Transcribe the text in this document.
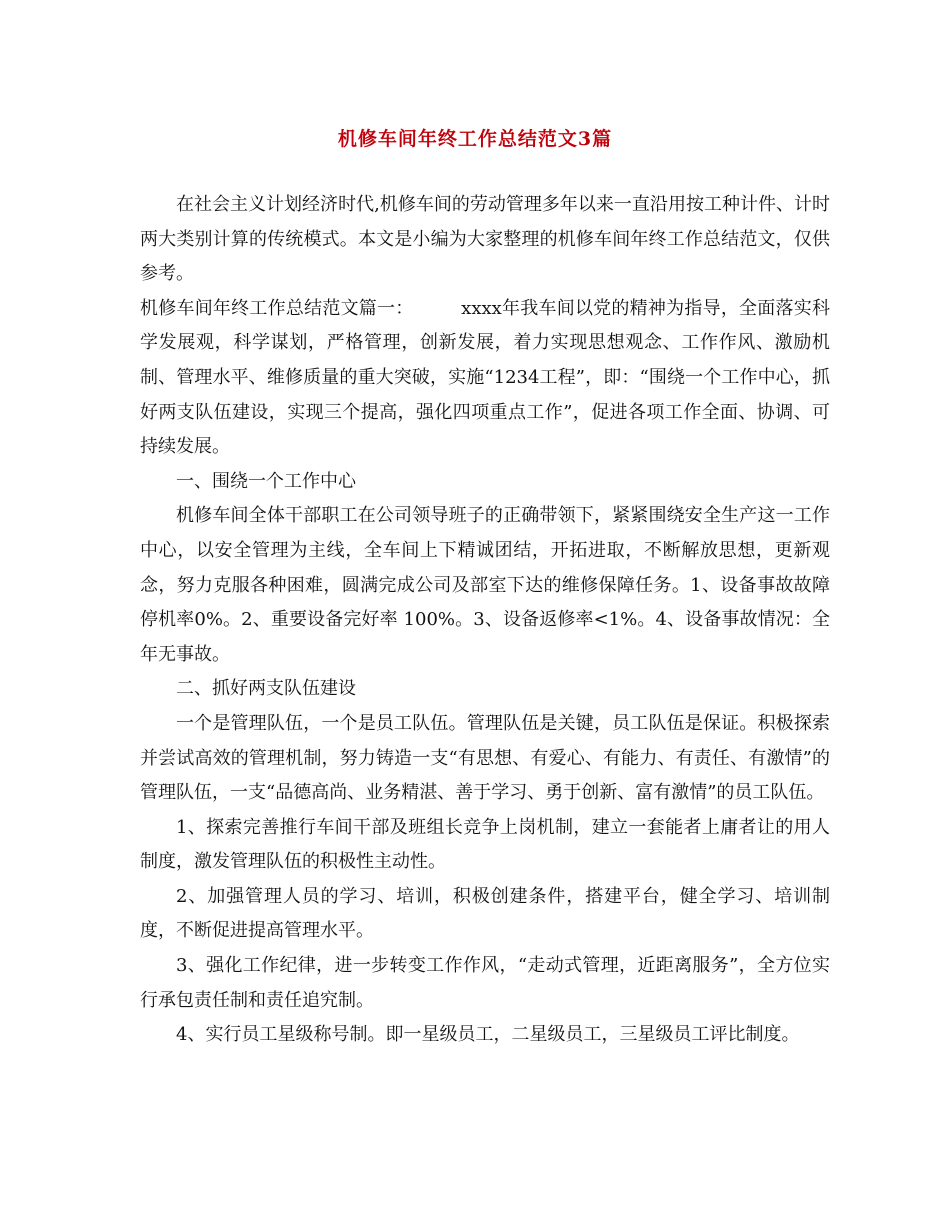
机修车间年终工作总结范文3篇

在社会主义计划经济时代,机修车间的劳动管理多年以来一直沿用按工种计件、计时两大类别计算的传统模式。本文是小编为大家整理的机修车间年终工作总结范文，仅供参考。

机修车间年终工作总结范文篇一：        xxxx年我车间以党的精神为指导，全面落实科学发展观，科学谋划，严格管理，创新发展，着力实现思想观念、工作作风、激励机制、管理水平、维修质量的重大突破，实施“1234工程”，即：“围绕一个工作中心，抓好两支队伍建设，实现三个提高，强化四项重点工作”，促进各项工作全面、协调、可持续发展。

一、围绕一个工作中心

机修车间全体干部职工在公司领导班子的正确带领下，紧紧围绕安全生产这一工作中心，以安全管理为主线，全车间上下精诚团结，开拓进取，不断解放思想，更新观念，努力克服各种困难，圆满完成公司及部室下达的维修保障任务。1、设备事故故障停机率0%。2、重要设备完好率 100%。3、设备返修率<1%。4、设备事故情况：全年无事故。

二、抓好两支队伍建设

一个是管理队伍，一个是员工队伍。管理队伍是关键，员工队伍是保证。积极探索并尝试高效的管理机制，努力铸造一支“有思想、有爱心、有能力、有责任、有激情”的管理队伍，一支“品德高尚、业务精湛、善于学习、勇于创新、富有激情”的员工队伍。

1、探索完善推行车间干部及班组长竞争上岗机制，建立一套能者上庸者让的用人制度，激发管理队伍的积极性主动性。

2、加强管理人员的学习、培训，积极创建条件，搭建平台，健全学习、培训制度，不断促进提高管理水平。

3、强化工作纪律，进一步转变工作作风，“走动式管理，近距离服务”，全方位实行承包责任制和责任追究制。

4、实行员工星级称号制。即一星级员工，二星级员工，三星级员工评比制度。
